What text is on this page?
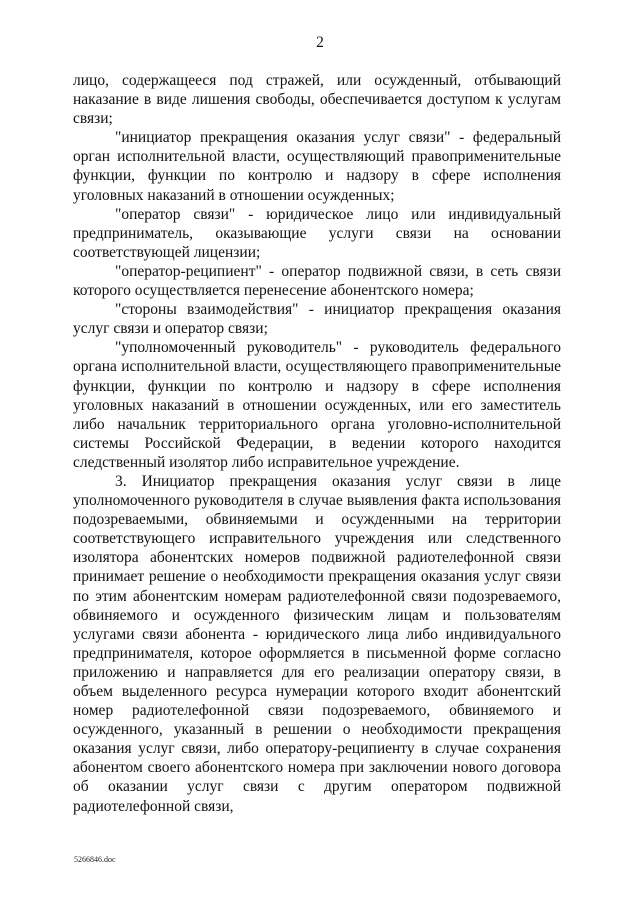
2

лицо, содержащееся под стражей, или осужденный, отбывающий наказание в виде лишения свободы, обеспечивается доступом к услугам связи;

"инициатор прекращения оказания услуг связи" - федеральный орган исполнительной власти, осуществляющий правоприменительные функции, функции по контролю и надзору в сфере исполнения уголовных наказаний в отношении осужденных;

"оператор связи" - юридическое лицо или индивидуальный предприниматель, оказывающие услуги связи на основании соответствующей лицензии;

"оператор-реципиент" - оператор подвижной связи, в сеть связи которого осуществляется перенесение абонентского номера;

"стороны взаимодействия" - инициатор прекращения оказания услуг связи и оператор связи;

"уполномоченный руководитель" - руководитель федерального органа исполнительной власти, осуществляющего правоприменительные функции, функции по контролю и надзору в сфере исполнения уголовных наказаний в отношении осужденных, или его заместитель либо начальник территориального органа уголовно-исполнительной системы Российской Федерации, в ведении которого находится следственный изолятор либо исправительное учреждение.

3. Инициатор прекращения оказания услуг связи в лице уполномоченного руководителя в случае выявления факта использования подозреваемыми, обвиняемыми и осужденными на территории соответствующего исправительного учреждения или следственного изолятора абонентских номеров подвижной радиотелефонной связи принимает решение о необходимости прекращения оказания услуг связи по этим абонентским номерам радиотелефонной связи подозреваемого, обвиняемого и осужденного физическим лицам и пользователям услугами связи абонента - юридического лица либо индивидуального предпринимателя, которое оформляется в письменной форме согласно приложению и направляется для его реализации оператору связи, в объем выделенного ресурса нумерации которого входит абонентский номер радиотелефонной связи подозреваемого, обвиняемого и осужденного, указанный в решении о необходимости прекращения оказания услуг связи, либо оператору-реципиенту в случае сохранения абонентом своего абонентского номера при заключении нового договора об оказании услуг связи с другим оператором подвижной радиотелефонной связи,

5266846.doc
